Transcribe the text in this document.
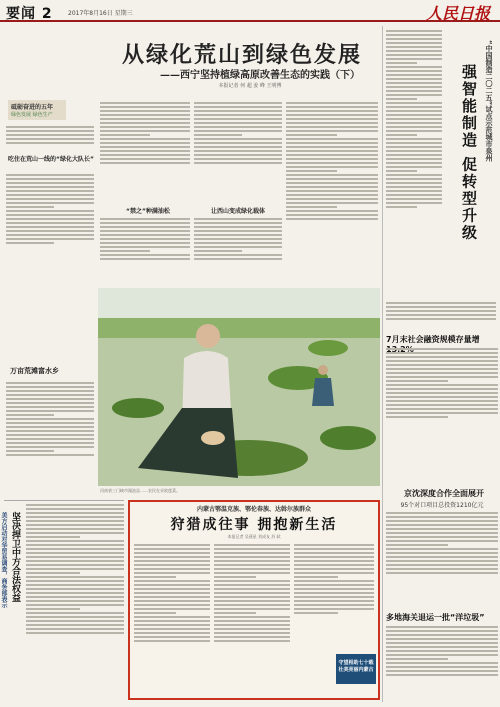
要闻 2	2017年8月16日 星期三	人民日报
从绿化荒山到绿色发展
——西宁坚持植绿高原改善生态的实践（下）
本报记者 何 超 姜 峰 王明博
砥砺奋进的五年
绿色发展 绿色生产
吃住在荒山一线的“绿化大队长”
“禁之”种满油松	让西山变成绿化载体
河南省三门峡市渑池县……农民在采收莲菜。
万亩荒滩富水乡
美方启动对华贸易调查，商务部表示 坚决捍卫中方合法权益
内蒙古鄂温克族、鄂伦春族、达斡尔族群众
狩猎成往事 拥抱新生活
本报记者 吴燕星 刘成友 苏 轼
守望相助七十载 壮美亮丽内蒙古
“中国制造二〇二五”试点示范城市泉州
强智能制造 促转型升级
7月末社会融资规模存量增
京沈深度合作全面展开
95个对口项目总投资1210亿元
多地海关退运一批“洋垃圾”
